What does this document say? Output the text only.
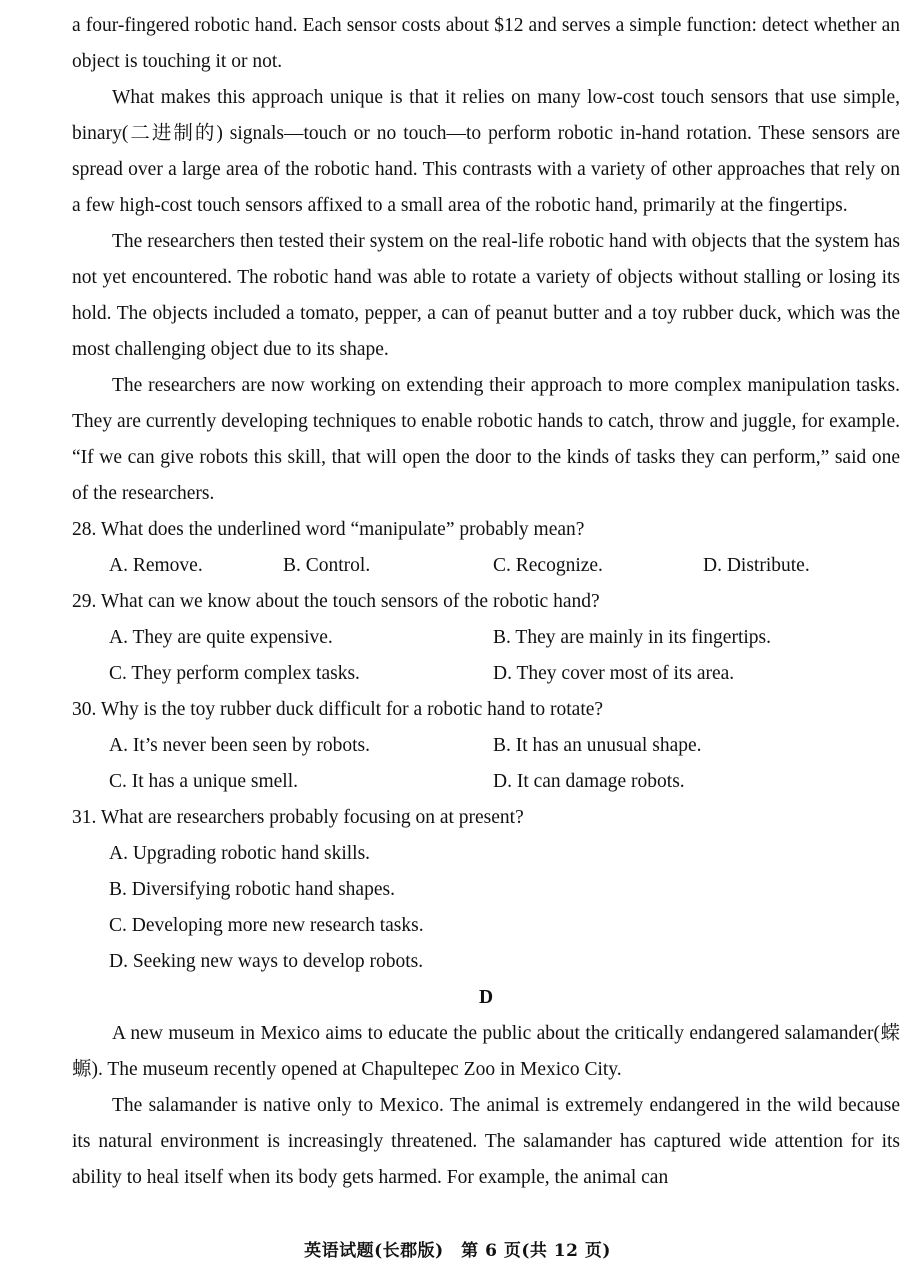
a four-fingered robotic hand. Each sensor costs about $12 and serves a simple function: detect whether an object is touching it or not.

What makes this approach unique is that it relies on many low-cost touch sensors that use simple, binary(二进制的) signals—touch or no touch—to perform robotic in-hand rotation. These sensors are spread over a large area of the robotic hand. This contrasts with a variety of other approaches that rely on a few high-cost touch sensors affixed to a small area of the robotic hand, primarily at the fingertips.

The researchers then tested their system on the real-life robotic hand with objects that the system has not yet encountered. The robotic hand was able to rotate a variety of objects without stalling or losing its hold. The objects included a tomato, pepper, a can of peanut butter and a toy rubber duck, which was the most challenging object due to its shape.

The researchers are now working on extending their approach to more complex manipulation tasks. They are currently developing techniques to enable robotic hands to catch, throw and juggle, for example. “If we can give robots this skill, that will open the door to the kinds of tasks they can perform,” said one of the researchers.

28. What does the underlined word “manipulate” probably mean?

A. Remove.	B. Control.	C. Recognize.	D. Distribute.

29. What can we know about the touch sensors of the robotic hand?

A. They are quite expensive.	B. They are mainly in its fingertips.
C. They perform complex tasks.	D. They cover most of its area.

30. Why is the toy rubber duck difficult for a robotic hand to rotate?

A. It’s never been seen by robots.	B. It has an unusual shape.
C. It has a unique smell.	D. It can damage robots.

31. What are researchers probably focusing on at present?

A. Upgrading robotic hand skills.

B. Diversifying robotic hand shapes.

C. Developing more new research tasks.

D. Seeking new ways to develop robots.

D

A new museum in Mexico aims to educate the public about the critically endangered salamander(蝾螈). The museum recently opened at Chapultepec Zoo in Mexico City.

The salamander is native only to Mexico. The animal is extremely endangered in the wild because its natural environment is increasingly threatened. The salamander has captured wide attention for its ability to heal itself when its body gets harmed. For example, the animal can

英语试题(长郡版)　第 6 页(共 12 页)
